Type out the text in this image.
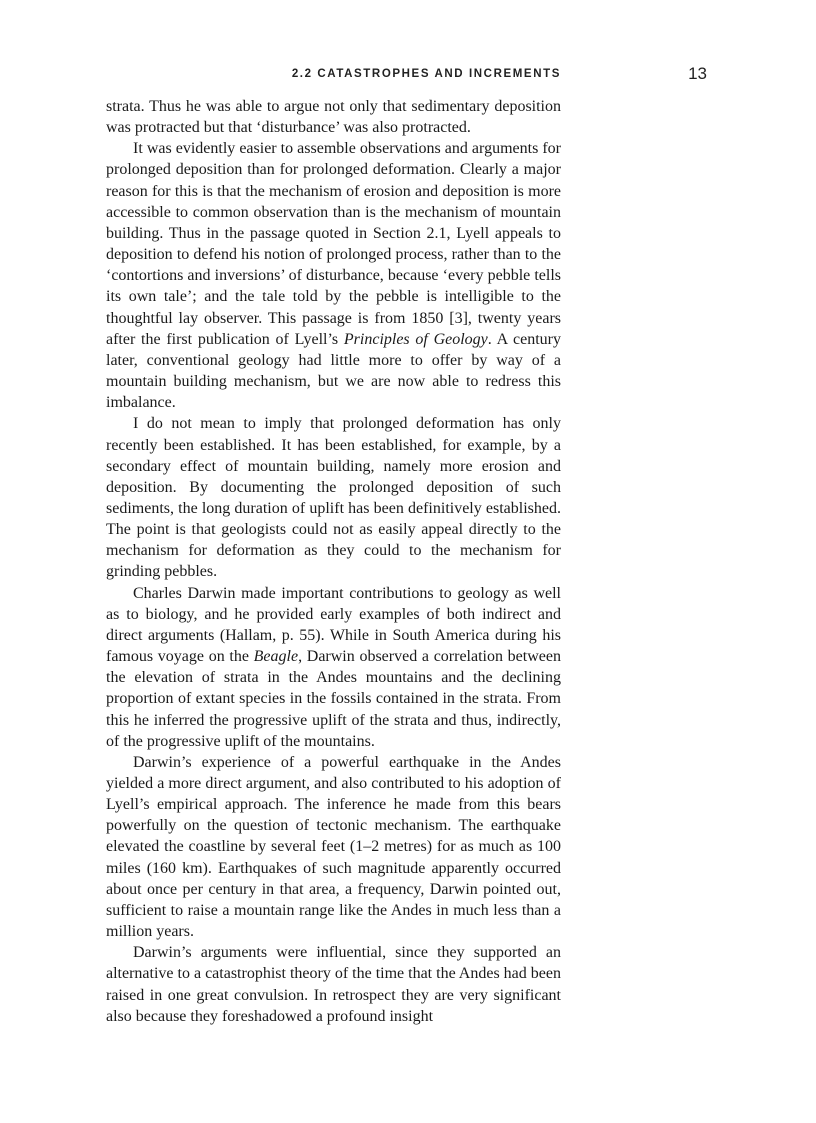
2.2 CATASTROPHES AND INCREMENTS	13

strata. Thus he was able to argue not only that sedimentary deposition was protracted but that ‘disturbance’ was also protracted.

It was evidently easier to assemble observations and arguments for prolonged deposition than for prolonged deformation. Clearly a major reason for this is that the mechanism of erosion and deposition is more accessible to common observation than is the mechanism of mountain building. Thus in the passage quoted in Section 2.1, Lyell appeals to deposition to defend his notion of prolonged process, rather than to the ‘contortions and inversions’ of disturbance, because ‘every pebble tells its own tale’; and the tale told by the pebble is intelligible to the thoughtful lay observer. This passage is from 1850 [3], twenty years after the first publication of Lyell’s Principles of Geology. A century later, conventional geology had little more to offer by way of a mountain building mechanism, but we are now able to redress this imbalance.

I do not mean to imply that prolonged deformation has only recently been established. It has been established, for example, by a secondary effect of mountain building, namely more erosion and deposition. By documenting the prolonged deposition of such sediments, the long duration of uplift has been definitively established. The point is that geologists could not as easily appeal directly to the mechanism for deformation as they could to the mechanism for grinding pebbles.

Charles Darwin made important contributions to geology as well as to biology, and he provided early examples of both indirect and direct arguments (Hallam, p. 55). While in South America during his famous voyage on the Beagle, Darwin observed a correlation between the elevation of strata in the Andes mountains and the declining proportion of extant species in the fossils contained in the strata. From this he inferred the progressive uplift of the strata and thus, indirectly, of the progressive uplift of the mountains.

Darwin’s experience of a powerful earthquake in the Andes yielded a more direct argument, and also contributed to his adoption of Lyell’s empirical approach. The inference he made from this bears powerfully on the question of tectonic mechanism. The earthquake elevated the coastline by several feet (1–2 metres) for as much as 100 miles (160 km). Earthquakes of such magnitude apparently occurred about once per century in that area, a frequency, Darwin pointed out, sufficient to raise a mountain range like the Andes in much less than a million years.

Darwin’s arguments were influential, since they supported an alternative to a catastrophist theory of the time that the Andes had been raised in one great convulsion. In retrospect they are very significant also because they foreshadowed a profound insight
